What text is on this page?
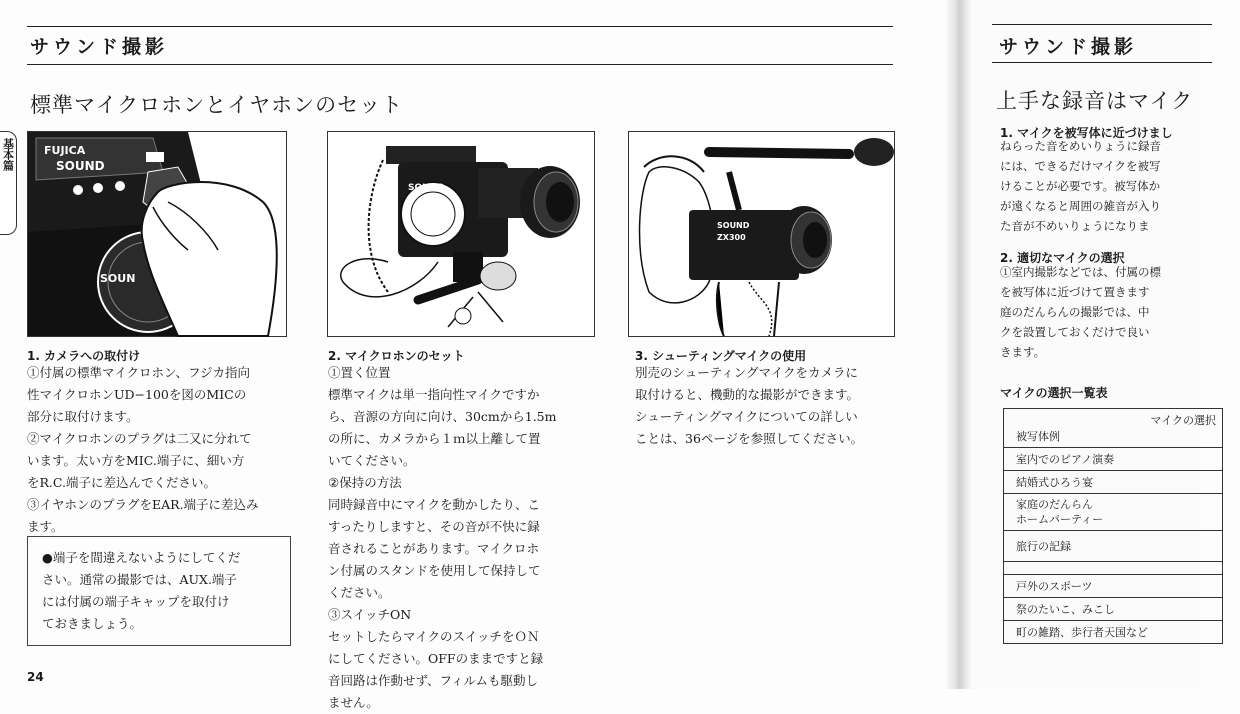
サウンド撮影
標準マイクロホンとイヤホンのセット
基本篇	FUJICA
SOUND
SOUN
SOUND
SOUND
ZX300
1. カメラへの取付け
①付属の標準マイクロホン、フジカ指向
性マイクロホンUD−100を図のMICの
部分に取付けます。
②マイクロホンのプラグは二又に分れて
います。太い方をMIC.端子に、細い方
をR.C.端子に差込んでください。
③イヤホンのプラグをEAR.端子に差込み
ます。
●端子を間違えないようにしてくだ
さい。通常の撮影では、AUX.端子
には付属の端子キャップを取付け
ておきましょう。
2. マイクロホンのセット
①置く位置
標準マイクは単一指向性マイクですか
ら、音源の方向に向け、30cmから1.5m
の所に、カメラから１ｍ以上離して置
いてください。
②保持の方法
同時録音中にマイクを動かしたり、こ
すったりしますと、その音が不快に録
音されることがあります。マイクロホ
ン付属のスタンドを使用して保持して
ください。
③スイッチON
セットしたらマイクのスイッチをＯＮ
にしてください。OFFのままですと録
音回路は作動せず、フィルムも駆動し
ません。
3. シューティングマイクの使用
別売のシューティングマイクをカメラに
取付けると、機動的な撮影ができます。
シューティングマイクについての詳しい
ことは、36ページを参照してください。
24
サウンド撮影
上手な録音はマイク
1. マイクを被写体に近づけまし
ねらった音をめいりょうに録音
には、できるだけマイクを被写
けることが必要です。被写体か
が遠くなると周囲の雑音が入り
た音が不めいりょうになりま
2. 適切なマイクの選択
①室内撮影などでは、付属の標
を被写体に近づけて置きます
庭のだんらんの撮影では、中
クを設置しておくだけで良い
きます。
マイクの選択一覧表
マイクの選択
被写体例

室内でのピアノ演奏
結婚式ひろう宴
家庭のだんらん
ホームパーティー
旅行の記録

戸外のスポーツ
祭のたいこ、みこし
町の雑踏、歩行者天国など
